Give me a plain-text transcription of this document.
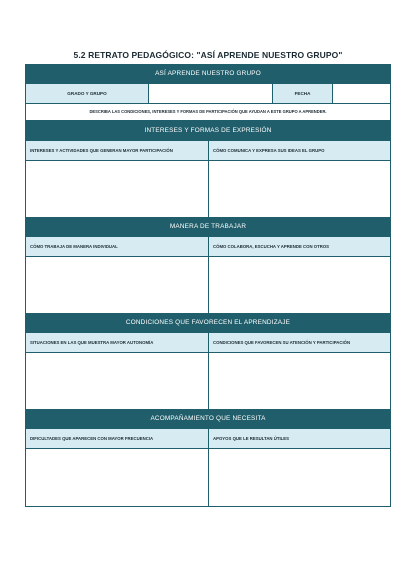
5.2 RETRATO PEDAGÓGICO: "ASÍ APRENDE NUESTRO GRUPO"
ASÍ APRENDE NUESTRO GRUPO
GRADO Y GRUPO	FECHA
DESCRIBA LAS CONDICIONES, INTERESES Y FORMAS DE PARTICIPACIÓN QUE AYUDAN A ESTE GRUPO A APRENDER.
INTERESES Y FORMAS DE EXPRESIÓN
INTERESES Y ACTIVIDADES QUE GENERAN MAYOR PARTICIPACIÓN	CÓMO COMUNICA Y EXPRESA SUS IDEAS EL GRUPO
MANERA DE TRABAJAR
CÓMO TRABAJA DE MANERA INDIVIDUAL	CÓMO COLABORA, ESCUCHA Y APRENDE CON OTROS
CONDICIONES QUE FAVORECEN EL APRENDIZAJE
SITUACIONES EN LAS QUE MUESTRA MAYOR AUTONOMÍA	CONDICIONES QUE FAVORECEN SU ATENCIÓN Y PARTICIPACIÓN
ACOMPAÑAMIENTO QUE NECESITA
DIFICULTADES QUE APARECEN CON MAYOR FRECUENCIA	APOYOS QUE LE RESULTAN ÚTILES
